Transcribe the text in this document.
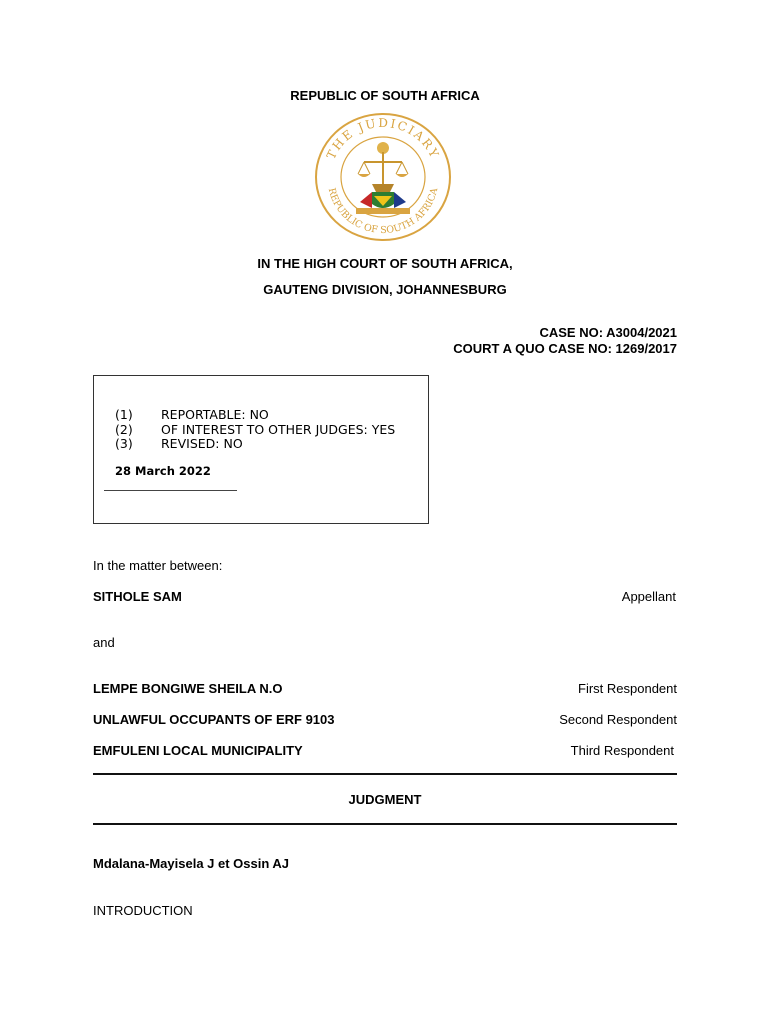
REPUBLIC OF SOUTH AFRICA
THE JUDICIARY
REPUBLIC OF SOUTH AFRICA
IN THE HIGH COURT OF SOUTH AFRICA,
GAUTENG DIVISION, JOHANNESBURG
CASE NO: A3004/2021
COURT A QUO CASE NO: 1269/2017
(1) REPORTABLE: NO
(2) OF INTEREST TO OTHER JUDGES: YES
(3) REVISED: NO
28 March 2022
In the matter between:
SITHOLE SAM	Appellant
and
LEMPE BONGIWE SHEILA N.O	First Respondent
UNLAWFUL OCCUPANTS OF ERF 9103	Second Respondent
EMFULENI LOCAL MUNICIPALITY	Third Respondent
JUDGMENT
Mdalana-Mayisela J et Ossin AJ
INTRODUCTION
